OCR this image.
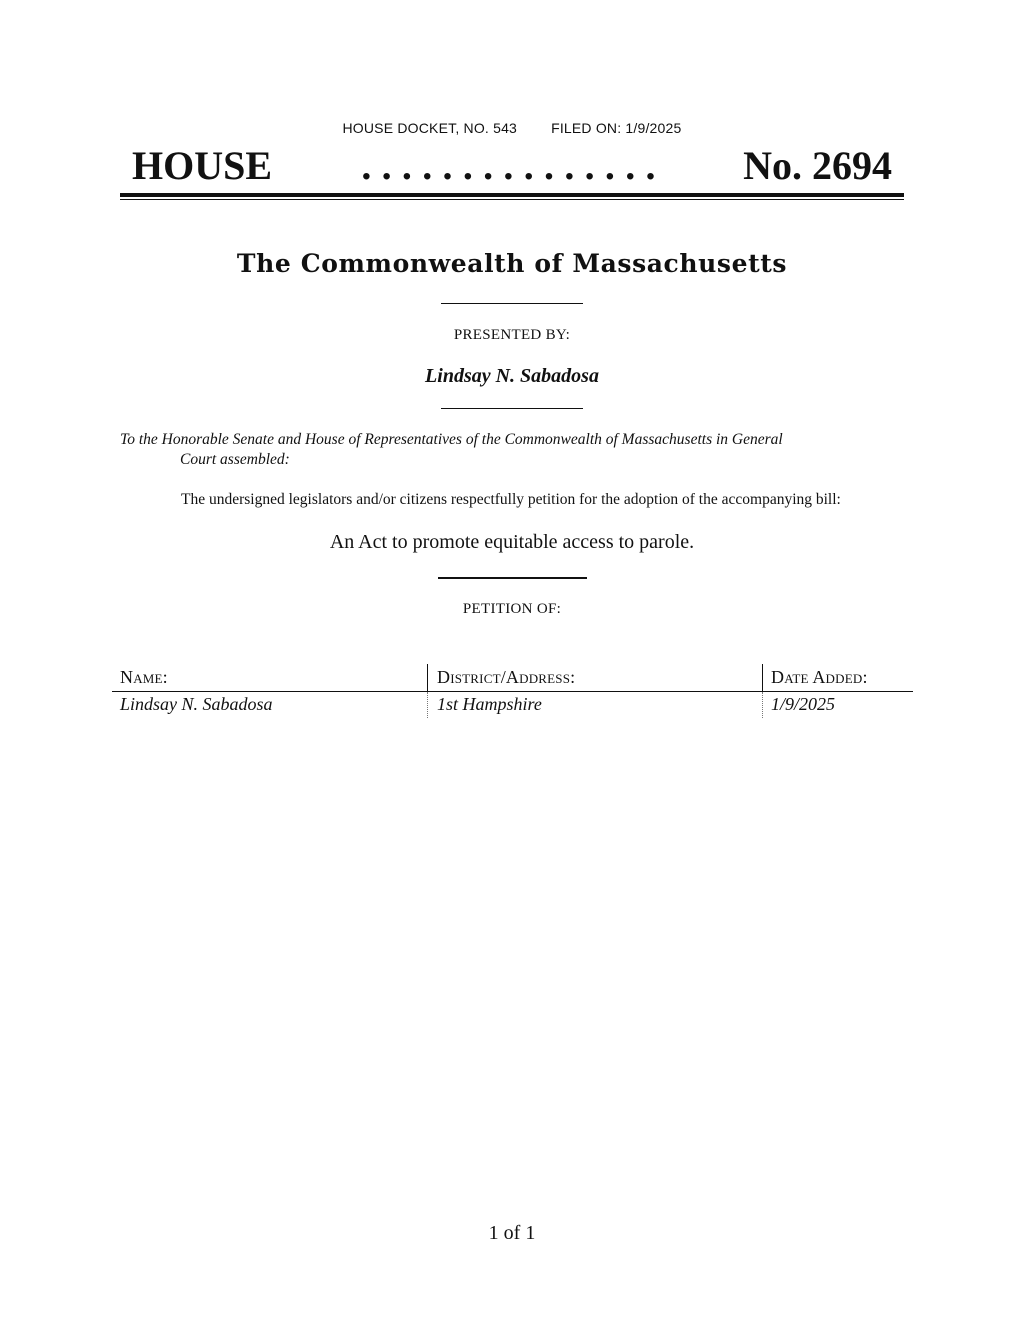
HOUSE DOCKET, NO. 543 FILED ON: 1/9/2025
HOUSE	...............	No. 2694
The Commonwealth of Massachusetts
PRESENTED BY:
Lindsay N. Sabadosa
To the Honorable Senate and House of Representatives of the Commonwealth of Massachusetts in General
Court assembled:
The undersigned legislators and/or citizens respectfully petition for the adoption of the accompanying bill:
An Act to promote equitable access to parole.
PETITION OF:
Name:	District/Address:	Date Added:
Lindsay N. Sabadosa	1st Hampshire	1/9/2025
1 of 1
